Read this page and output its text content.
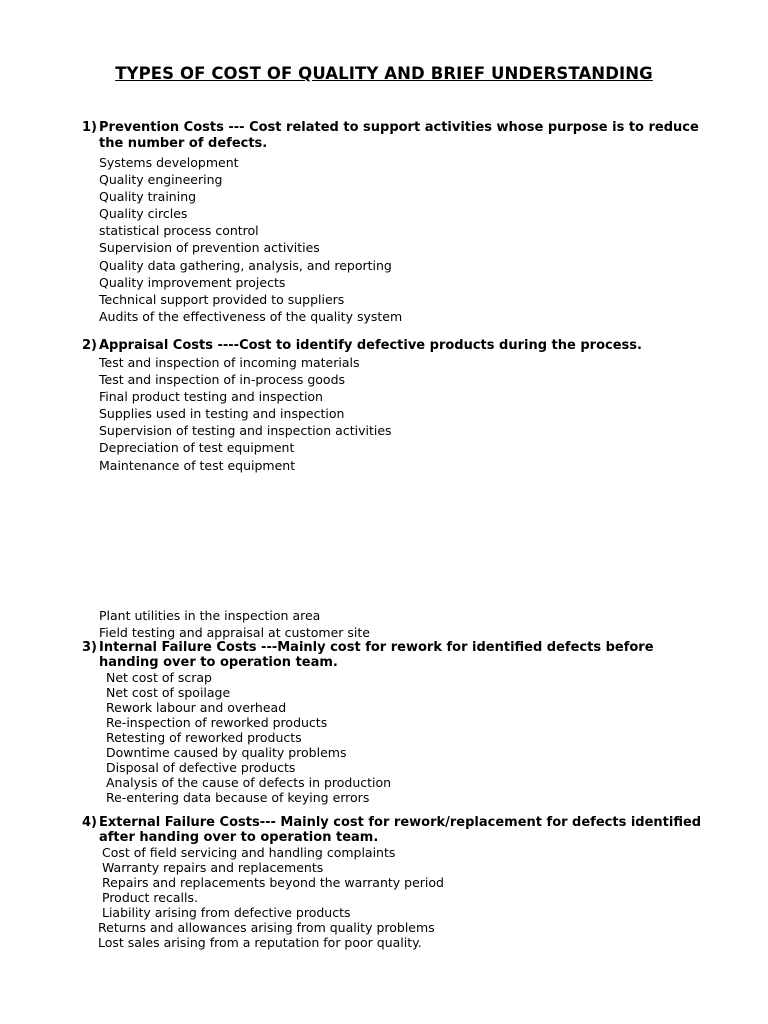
TYPES OF COST OF QUALITY AND BRIEF UNDERSTANDING
1) Prevention Costs --- Cost related to support activities whose purpose is to reduce
the number of defects.
Systems development
Quality engineering
Quality training
Quality circles
statistical process control
Supervision of prevention activities
Quality data gathering, analysis, and reporting
Quality improvement projects
Technical support provided to suppliers
Audits of the effectiveness of the quality system
2) Appraisal Costs ----Cost to identify defective products during the process.
Test and inspection of incoming materials
Test and inspection of in-process goods
Final product testing and inspection
Supplies used in testing and inspection
Supervision of testing and inspection activities
Depreciation of test equipment
Maintenance of test equipment
Plant utilities in the inspection area
Field testing and appraisal at customer site
3) Internal Failure Costs ---Mainly cost for rework for identified defects before
handing over to operation team.
Net cost of scrap
Net cost of spoilage
Rework labour and overhead
Re-inspection of reworked products
Retesting of reworked products
Downtime caused by quality problems
Disposal of defective products
Analysis of the cause of defects in production
Re-entering data because of keying errors
4) External Failure Costs--- Mainly cost for rework/replacement for defects identified
after handing over to operation team.
Cost of field servicing and handling complaints
Warranty repairs and replacements
Repairs and replacements beyond the warranty period
Product recalls.
Liability arising from defective products
Returns and allowances arising from quality problems
Lost sales arising from a reputation for poor quality.
